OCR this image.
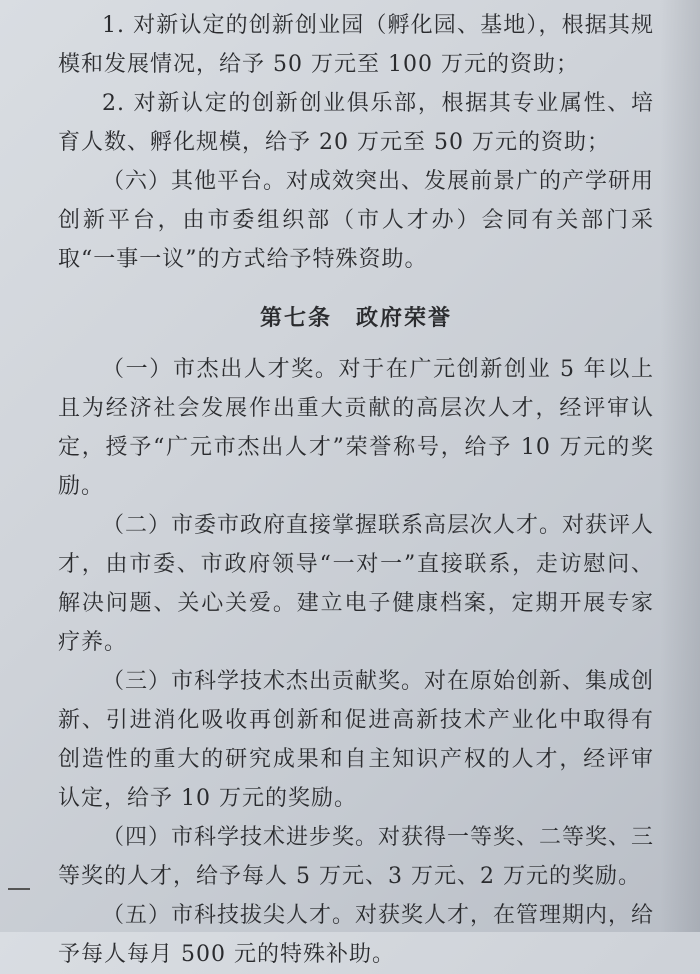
1. 对新认定的创新创业园（孵化园、基地），根据其规模和发展情况，给予 50 万元至 100 万元的资助；

2. 对新认定的创新创业俱乐部，根据其专业属性、培育人数、孵化规模，给予 20 万元至 50 万元的资助；

（六）其他平台。对成效突出、发展前景广的产学研用创新平台，由市委组织部（市人才办）会同有关部门采取“一事一议”的方式给予特殊资助。

第七条　政府荣誉

（一）市杰出人才奖。对于在广元创新创业 5 年以上且为经济社会发展作出重大贡献的高层次人才，经评审认定，授予“广元市杰出人才”荣誉称号，给予 10 万元的奖励。

（二）市委市政府直接掌握联系高层次人才。对获评人才，由市委、市政府领导“一对一”直接联系，走访慰问、解决问题、关心关爱。建立电子健康档案，定期开展专家疗养。

（三）市科学技术杰出贡献奖。对在原始创新、集成创新、引进消化吸收再创新和促进高新技术产业化中取得有创造性的重大的研究成果和自主知识产权的人才，经评审认定，给予 10 万元的奖励。

（四）市科学技术进步奖。对获得一等奖、二等奖、三等奖的人才，给予每人 5 万元、3 万元、2 万元的奖励。

（五）市科技拔尖人才。对获奖人才，在管理期内，给予每人每月 500 元的特殊补助。
